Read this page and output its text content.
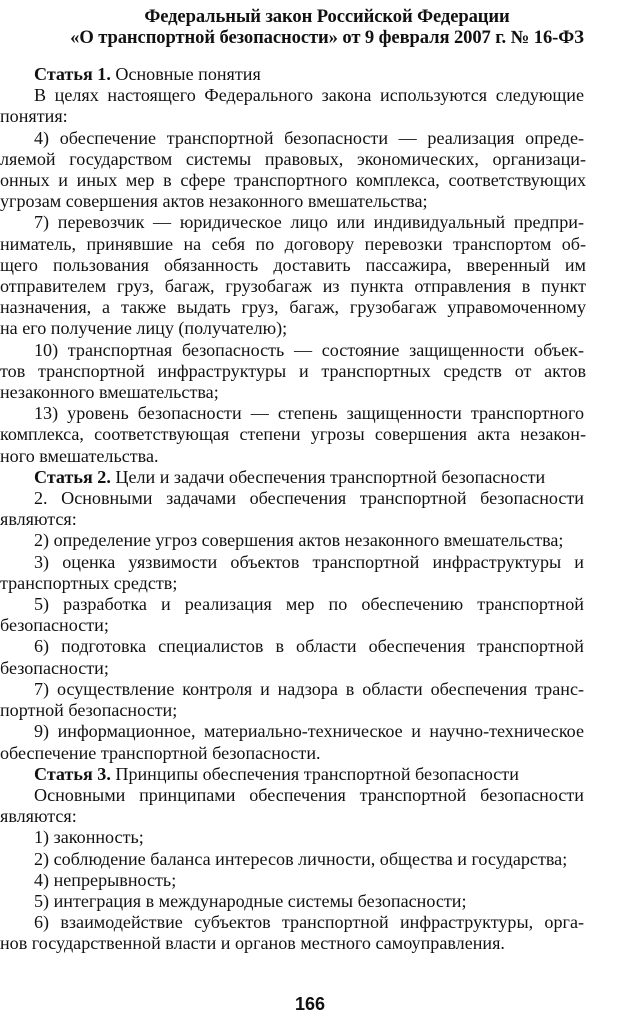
Федеральный закон Российской Федерации
«О транспортной безопасности» от 9 февраля 2007 г. № 16-ФЗ
Статья 1. Основные понятия
В целях настоящего Федерального закона используются следующие
понятия:
4) обеспечение транспортной безопасности — реализация опреде-
ляемой государством системы правовых, экономических, организаци-
онных и иных мер в сфере транспортного комплекса, соответствующих
угрозам совершения актов незаконного вмешательства;
7) перевозчик — юридическое лицо или индивидуальный предпри-
ниматель, принявшие на себя по договору перевозки транспортом об-
щего пользования обязанность доставить пассажира, вверенный им
отправителем груз, багаж, грузобагаж из пункта отправления в пункт
назначения, а также выдать груз, багаж, грузобагаж управомоченному
на его получение лицу (получателю);
10) транспортная безопасность — состояние защищенности объек-
тов транспортной инфраструктуры и транспортных средств от актов
незаконного вмешательства;
13) уровень безопасности — степень защищенности транспортного
комплекса, соответствующая степени угрозы совершения акта незакон-
ного вмешательства.
Статья 2. Цели и задачи обеспечения транспортной безопасности
2. Основными задачами обеспечения транспортной безопасности
являются:
2) определение угроз совершения актов незаконного вмешательства;
3) оценка уязвимости объектов транспортной инфраструктуры и
транспортных средств;
5) разработка и реализация мер по обеспечению транспортной
безопасности;
6) подготовка специалистов в области обеспечения транспортной
безопасности;
7) осуществление контроля и надзора в области обеспечения транс-
портной безопасности;
9) информационное, материально-техническое и научно-техническое
обеспечение транспортной безопасности.
Статья 3. Принципы обеспечения транспортной безопасности
Основными принципами обеспечения транспортной безопасности
являются:
1) законность;
2) соблюдение баланса интересов личности, общества и государства;
4) непрерывность;
5) интеграция в международные системы безопасности;
6) взаимодействие субъектов транспортной инфраструктуры, орга-
нов государственной власти и органов местного самоуправления.
166
